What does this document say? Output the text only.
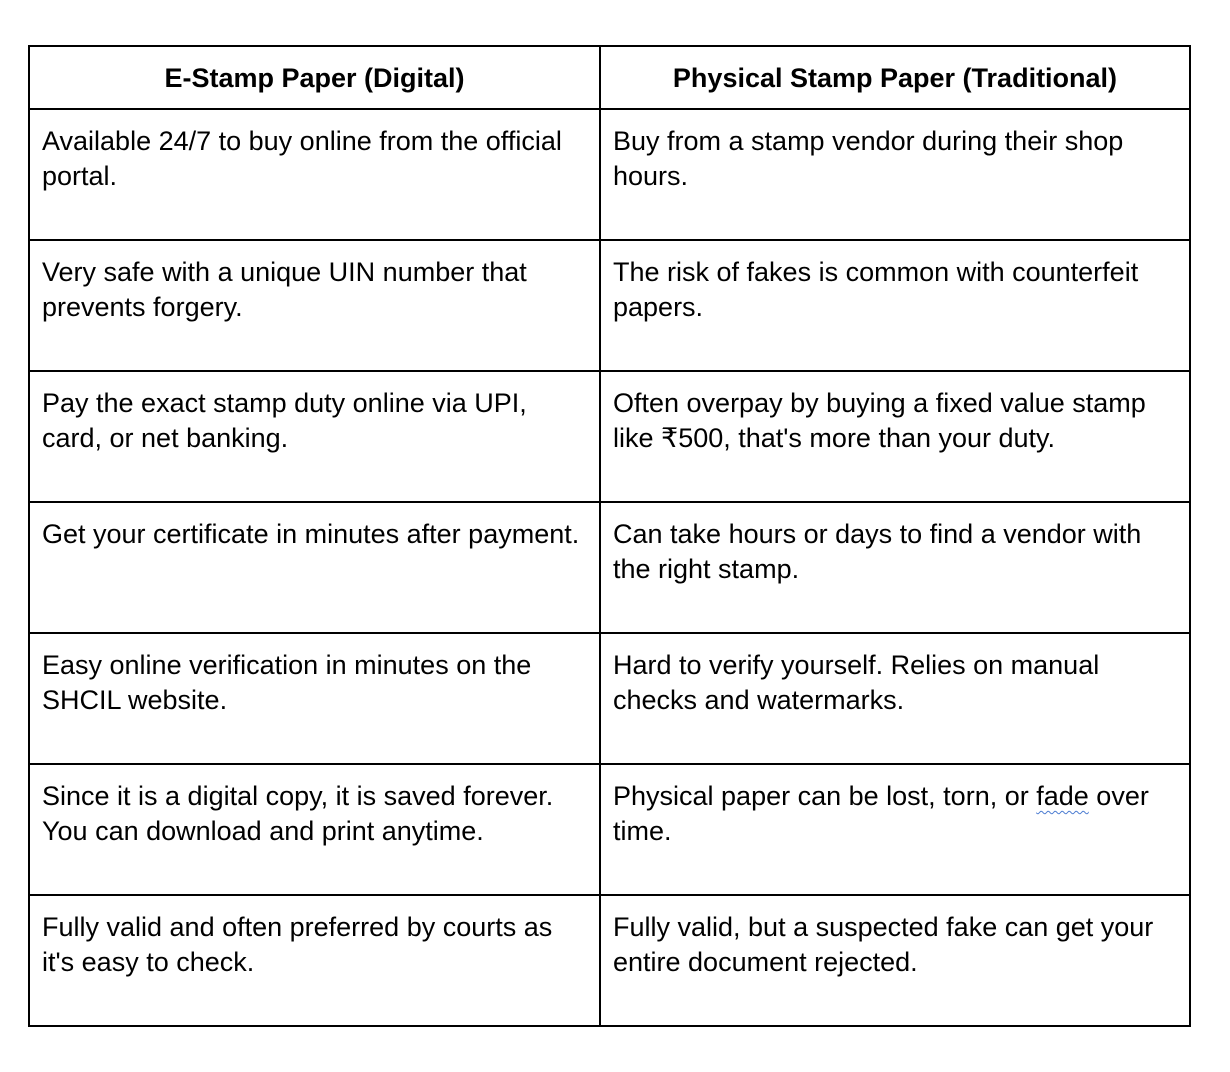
E-Stamp Paper (Digital)	Physical Stamp Paper (Traditional)
Available 24/7 to buy online from the official portal.	Buy from a stamp vendor during their shop hours.
Very safe with a unique UIN number that prevents forgery.	The risk of fakes is common with counterfeit papers.
Pay the exact stamp duty online via UPI, card, or net banking.	Often overpay by buying a fixed value stamp like ₹500, that's more than your duty.
Get your certificate in minutes after payment.	Can take hours or days to find a vendor with the right stamp.
Easy online verification in minutes on the SHCIL website.	Hard to verify yourself. Relies on manual checks and watermarks.
Since it is a digital copy, it is saved forever. You can download and print anytime.	Physical paper can be lost, torn, or fade over time.
Fully valid and often preferred by courts as it's easy to check.	Fully valid, but a suspected fake can get your entire document rejected.
